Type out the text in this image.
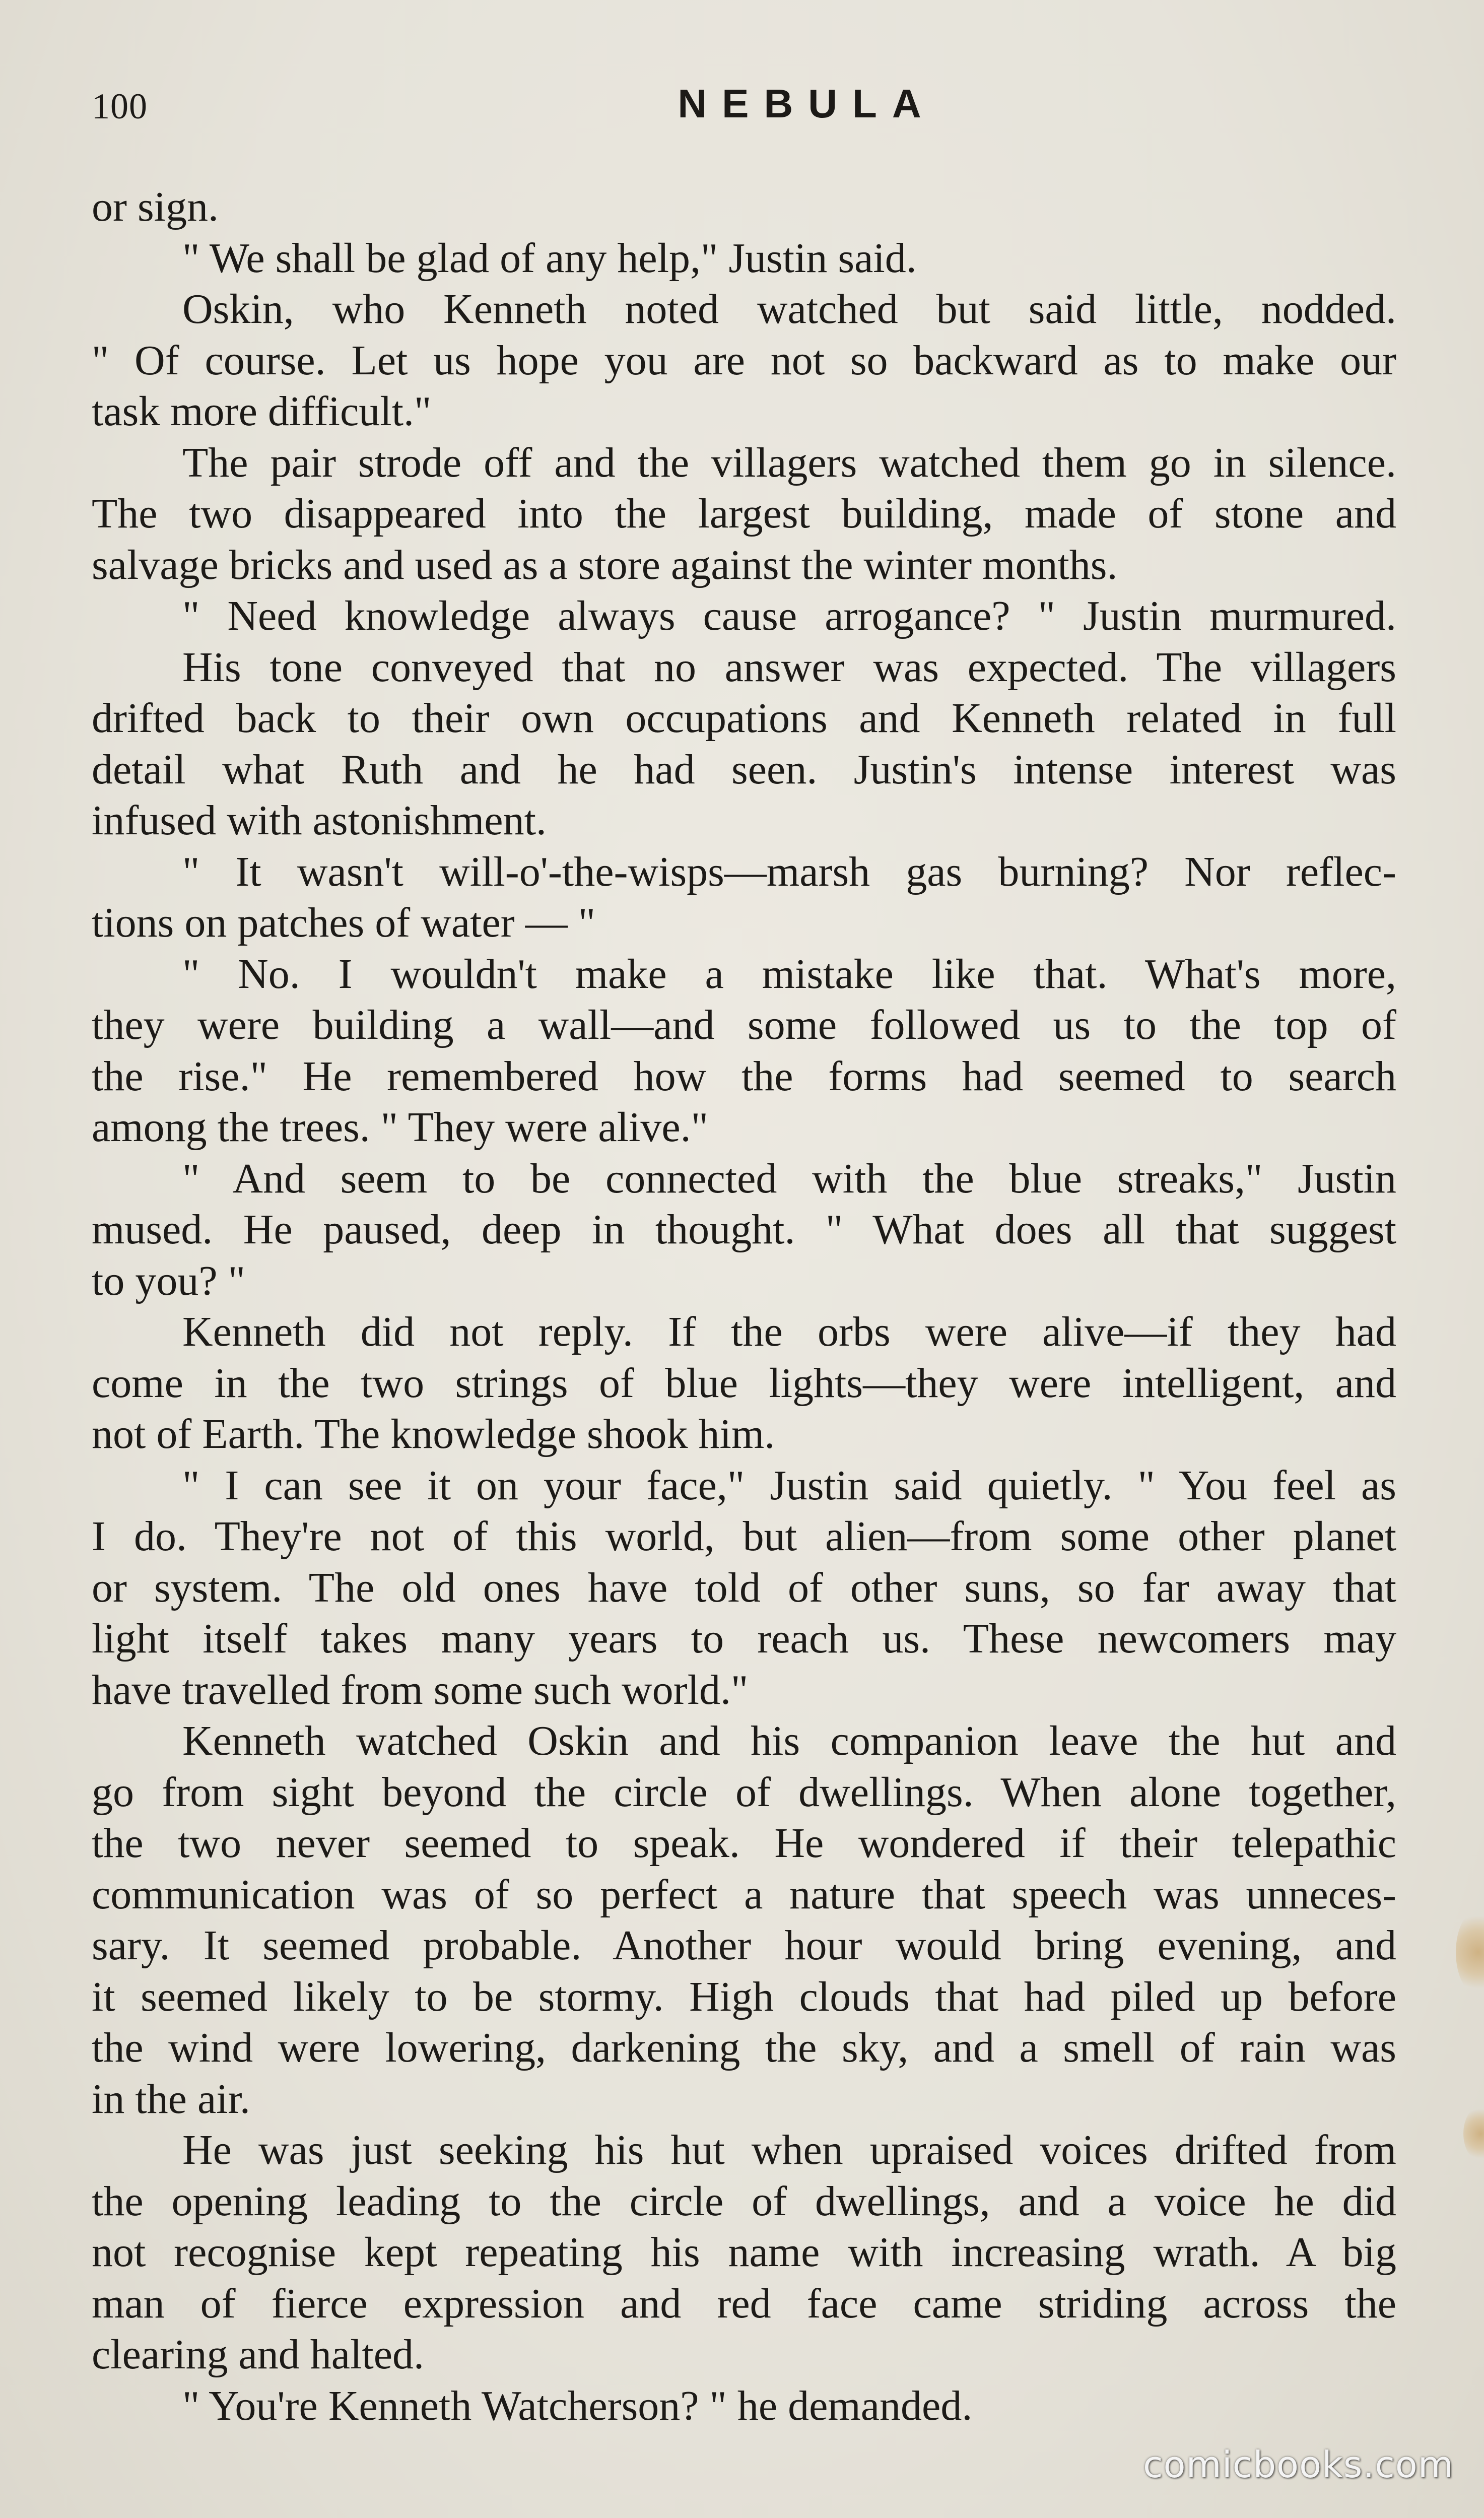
100	NEBULA
or sign.
" We shall be glad of any help," Justin said.
Oskin, who Kenneth noted watched but said little, nodded.
" Of course. Let us hope you are not so backward as to make our
task more difficult."
The pair strode off and the villagers watched them go in silence.
The two disappeared into the largest building, made of stone and
salvage bricks and used as a store against the winter months.
" Need knowledge always cause arrogance? " Justin murmured.
His tone conveyed that no answer was expected. The villagers
drifted back to their own occupations and Kenneth related in full
detail what Ruth and he had seen. Justin's intense interest was
infused with astonishment.
" It wasn't will-o'-the-wisps—marsh gas burning? Nor reflec-
tions on patches of water — "
" No. I wouldn't make a mistake like that. What's more,
they were building a wall—and some followed us to the top of
the rise." He remembered how the forms had seemed to search
among the trees. " They were alive."
" And seem to be connected with the blue streaks," Justin
mused. He paused, deep in thought. " What does all that suggest
to you? "
Kenneth did not reply. If the orbs were alive—if they had
come in the two strings of blue lights—they were intelligent, and
not of Earth. The knowledge shook him.
" I can see it on your face," Justin said quietly. " You feel as
I do. They're not of this world, but alien—from some other planet
or system. The old ones have told of other suns, so far away that
light itself takes many years to reach us. These newcomers may
have travelled from some such world."
Kenneth watched Oskin and his companion leave the hut and
go from sight beyond the circle of dwellings. When alone together,
the two never seemed to speak. He wondered if their telepathic
communication was of so perfect a nature that speech was unneces-
sary. It seemed probable. Another hour would bring evening, and
it seemed likely to be stormy. High clouds that had piled up before
the wind were lowering, darkening the sky, and a smell of rain was
in the air.
He was just seeking his hut when upraised voices drifted from
the opening leading to the circle of dwellings, and a voice he did
not recognise kept repeating his name with increasing wrath. A big
man of fierce expression and red face came striding across the
clearing and halted.
" You're Kenneth Watcherson? " he demanded.
comicbooks.com
